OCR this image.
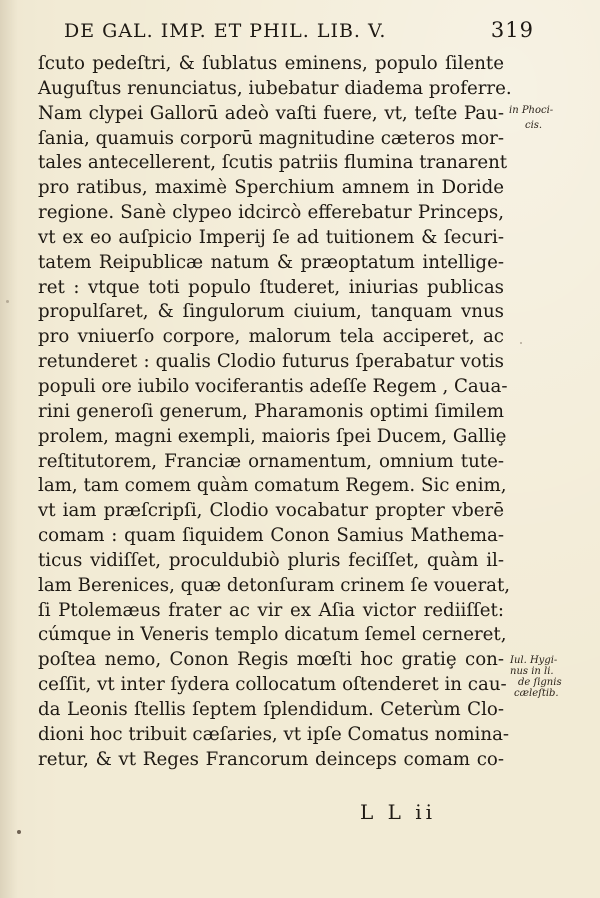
DE GAL. IMP. ET PHIL. LIB. V.	319
ſcuto pedeſtri, & ſublatus eminens, populo ſilente
Auguſtus renunciatus, iubebatur diadema proferre.
Nam clypei Gallorū adeò vaſti fuere, vt, teſte Pau-
ſania, quamuis corporū magnitudine cæteros mor-
tales antecellerent, ſcutis patriis flumina tranarent
pro ratibus, maximè Sperchium amnem in Doride
regione. Sanè clypeo idcircò efferebatur Princeps,
vt ex eo auſpicio Imperij ſe ad tuitionem & ſecuri-
tatem Reipublicæ natum & præoptatum intellige-
ret : vtque toti populo ſtuderet, iniurias publicas
propulſaret, & ſingulorum ciuium, tanquam vnus
pro vniuerſo corpore, malorum tela acciperet, ac
retunderet : qualis Clodio futurus ſperabatur votis
populi ore iubilo vociferantis adeſſe Regem , Caua-
rini generoſi generum, Pharamonis optimi ſimilem
prolem, magni exempli, maioris ſpei Ducem, Galliȩ
reſtitutorem, Franciæ ornamentum, omnium tute-
lam, tam comem quàm comatum Regem. Sic enim,
vt iam præſcripſi, Clodio vocabatur propter vberē
comam : quam ſiquidem Conon Samius Mathema-
ticus vidiſſet, proculdubiò pluris feciſſet, quàm il-
lam Berenices, quæ detonſuram crinem ſe vouerat,
ſi Ptolemæus frater ac vir ex Aſia victor rediiſſet:
cúmque in Veneris templo dicatum ſemel cerneret,
poſtea nemo, Conon Regis mœſti hoc gratiȩ con-
ceſſit, vt inter ſydera collocatum oſtenderet in cau-
da Leonis ſtellis ſeptem ſplendidum. Ceterùm Clo-
dioni hoc tribuit cæſaries, vt ipſe Comatus nomina-
retur, & vt Reges Francorum deinceps comam co-
in Phoci-
cis.
Iul. Hygi-
nus in li.
de ſignis
cæleſtib.
L L ii
